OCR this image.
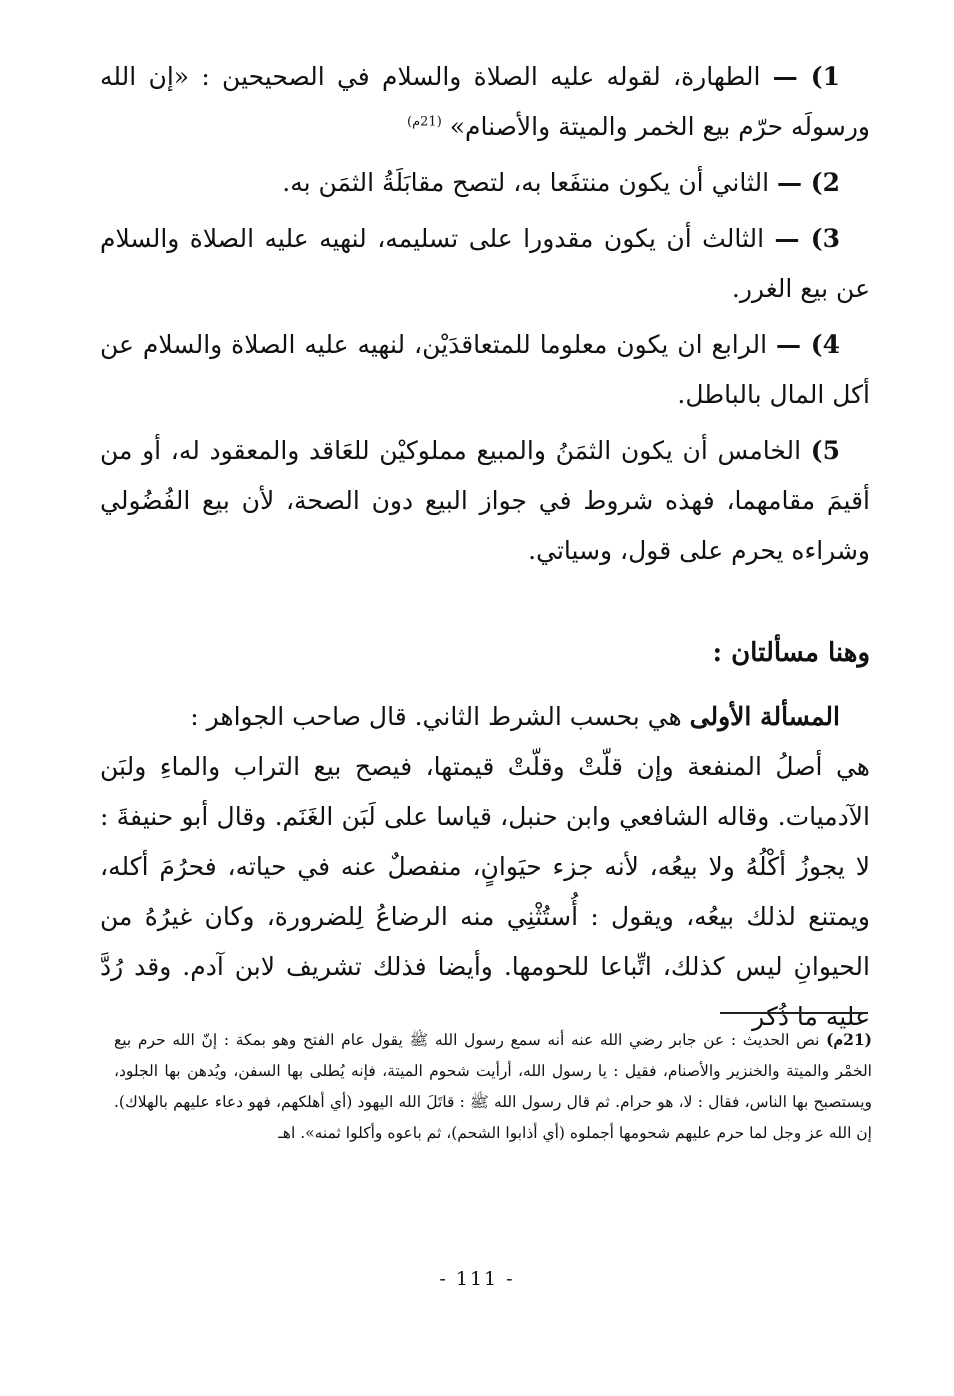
1) — الطهارة، لقوله عليه الصلاة والسلام في الصحيحين : «إن الله ورسولَه حرّم بيع الخمر والميتة والأصنام» $^{(21م)}$

2) — الثاني أن يكون منتفَعا به، لتصح مقابَلَةُ الثمَن به.

3) — الثالث أن يكون مقدورا على تسليمه، لنهيه عليه الصلاة والسلام عن بيع الغرر.

4) — الرابع ان يكون معلوما للمتعاقدَيْن، لنهيه عليه الصلاة والسلام عن أكل المال بالباطل.

5) الخامس أن يكون الثمَنُ والمبيع مملوكيْن للعَاقد والمعقود له، أو من أقيمَ مقامهما، فهذه شروط في جواز البيع دون الصحة، لأن بيع الفُضُولي وشراءه يحرم على قول، وسياتي.

وهنا مسألتان :

المسألة الأولى هي بحسب الشرط الثاني. قال صاحب الجواهر :

هي أصلُ المنفعة وإن قلّتْ وقلّتْ قيمتها، فيصح بيع التراب والماءِ ولبَن الآدميات. وقاله الشافعي وابن حنبل، قياسا على لَبَن الغَنَم. وقال أبو حنيفةَ : لا يجوزُ أكْلُهُ ولا بيعُه، لأنه جزء حيَوانٍ، منفصلٌ عنه في حياته، فحرُمَ أكله، ويمتنع لذلك بيعُه، ويقول : أُستُثْنِي منه الرضاعُ لِلضرورة، وكان غيرُهُ من الحيوانِ ليس كذلك، اتِّباعا للحومها. وأيضا فذلك تشريف لابن آدم. وقد رُدَّ عليه ما ذُكر

(21م) نص الحديث : عن جابر رضي الله عنه أنه سمع رسول الله ﷺ يقول عام الفتح وهو بمكة : إنّ الله حرم بيع الخمْر والميتة والخنزير والأصنام، فقيل : يا رسول الله، أرأيت شحوم الميتة، فإنه يُطلى بها السفن، ويُدهن بها الجلود، ويستصبح بها الناس، فقال : لا، هو حرام. ثم قال رسول الله ﷺ : قاتَلَ الله اليهود (أي أهلكهم، فهو دعاء عليهم بالهلاك). إن الله عز وجل لما حرم عليهم شحومها أجملوه (أي أذابوا الشحم)، ثم باعوه وأكلوا ثمنه». اهـ
- 111 -
